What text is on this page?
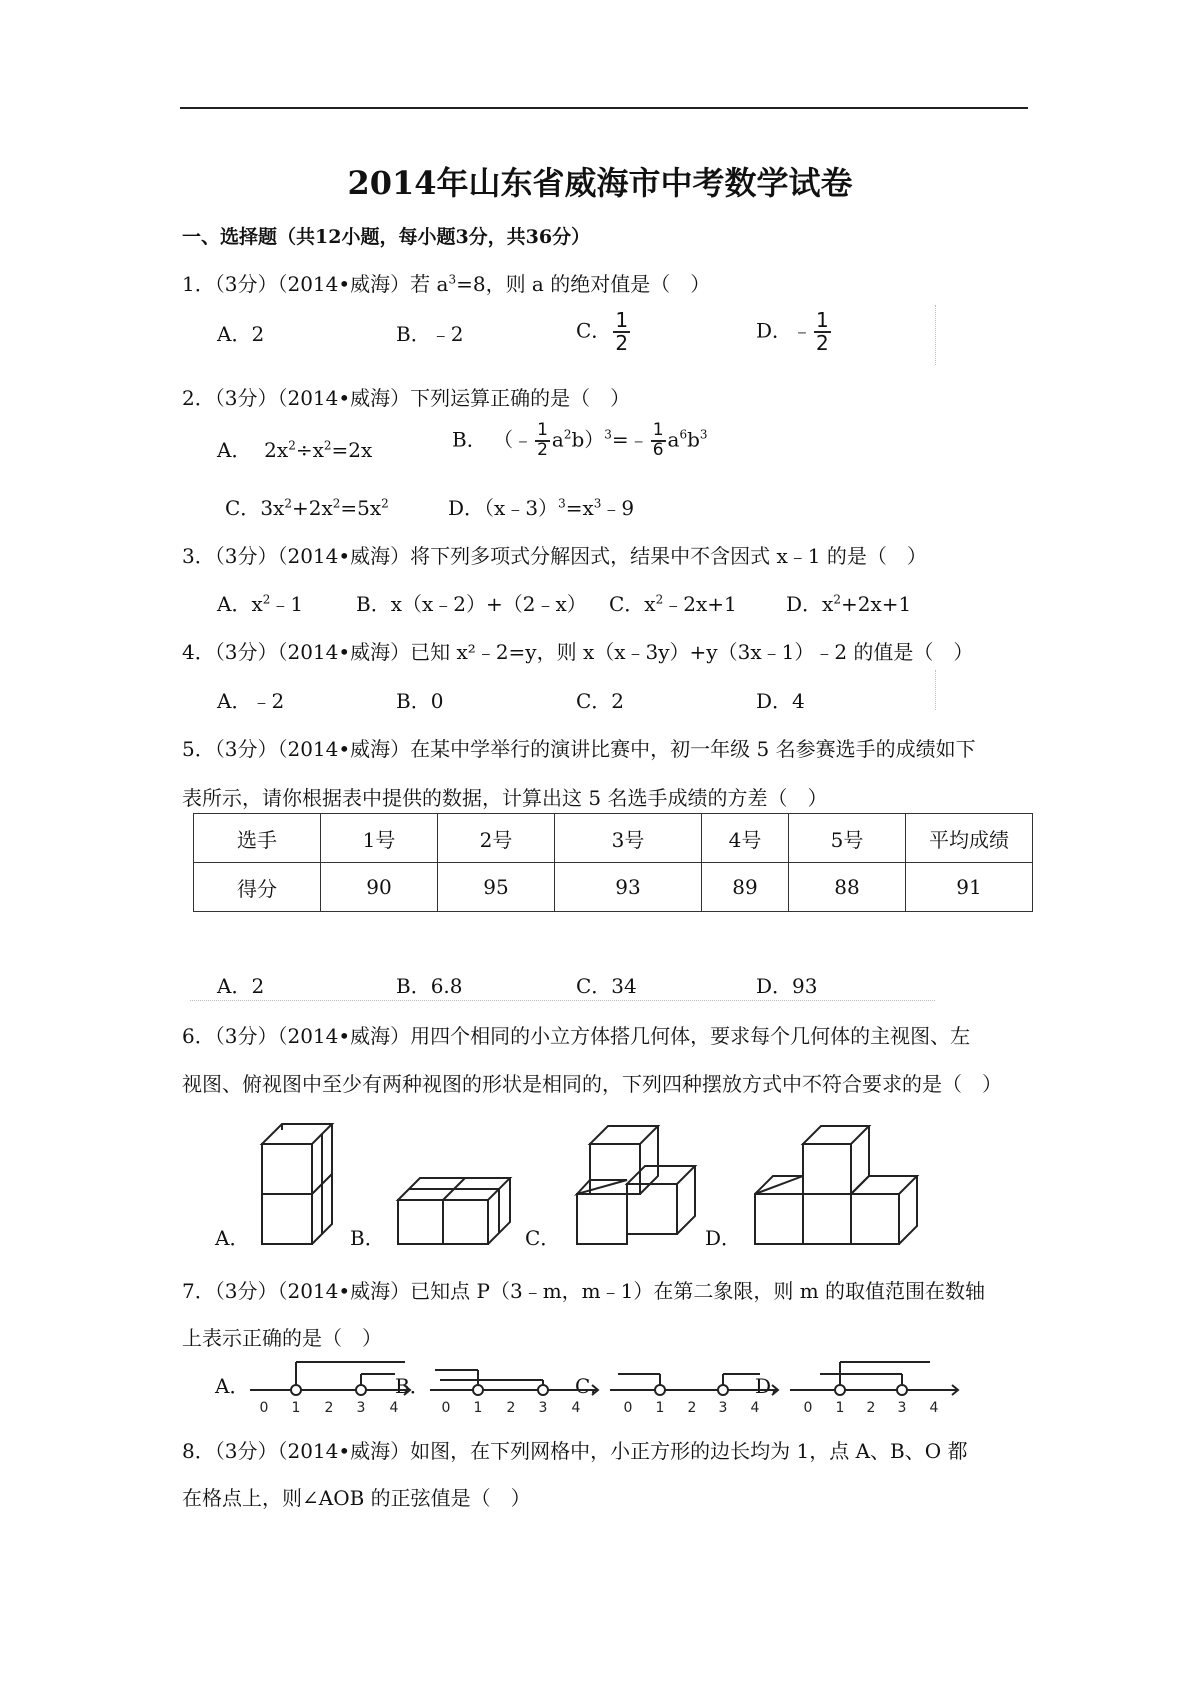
2014年山东省威海市中考数学试卷
一、选择题（共12小题，每小题3分，共36分）
1．（3分）（2014•威海）若 $a^3=8$，则 a 的绝对值是（　）
A．2	B．﹣2	C． $\frac{1}{2}$	D．﹣ $\frac{1}{2}$
2．（3分）（2014•威海）下列运算正确的是（　）
A． $2x^2\div x^2=2x$	B． （﹣ $\frac{1}{2}$ $a^2b)^3=﹣ \frac{1}{6} a^6b^3$
C．$3x^2+2x^2=5x^2$	D．$(x﹣3)^3=x^3﹣9$
3．（3分）（2014•威海）将下列多项式分解因式，结果中不含因式 x﹣1 的是（　）
A．$x^2﹣1$	B．x（x﹣2）+（2﹣x） C．$x^2﹣2x+1$ D．$x^2+2x+1$
4．（3分）（2014•威海）已知 x²﹣2=y，则 x（x﹣3y）+y（3x﹣1）﹣2 的值是（　）
A．﹣2	B．0	C．2	D．4
5．（3分）（2014•威海）在某中学举行的演讲比赛中，初一年级 5 名参赛选手的成绩如下
表所示，请你根据表中提供的数据，计算出这 5 名选手成绩的方差（　）
选手	1号	2号	3号	4号	5号	平均成绩
得分	90	95	93	89	88	91
A．2	B．6.8	C．34	D．93
6．（3分）（2014•威海）用四个相同的小立方体搭几何体，要求每个几何体的主视图、左
视图、俯视图中至少有两种视图的形状是相同的，下列四种摆放方式中不符合要求的是（　）
A．	B．	C．	D．
7．（3分）（2014•威海）已知点 P（3﹣m，m﹣1）在第二象限，则 m 的取值范围在数轴
上表示正确的是（　）
A．	B．	C．	D．
0 1 2 3 4	0 1 2 3 4	0 1 2 3 4	0 1 2 3 4
8．（3分）（2014•威海）如图，在下列网格中，小正方形的边长均为 1，点 A、B、O 都
在格点上，则∠AOB 的正弦值是（　）
